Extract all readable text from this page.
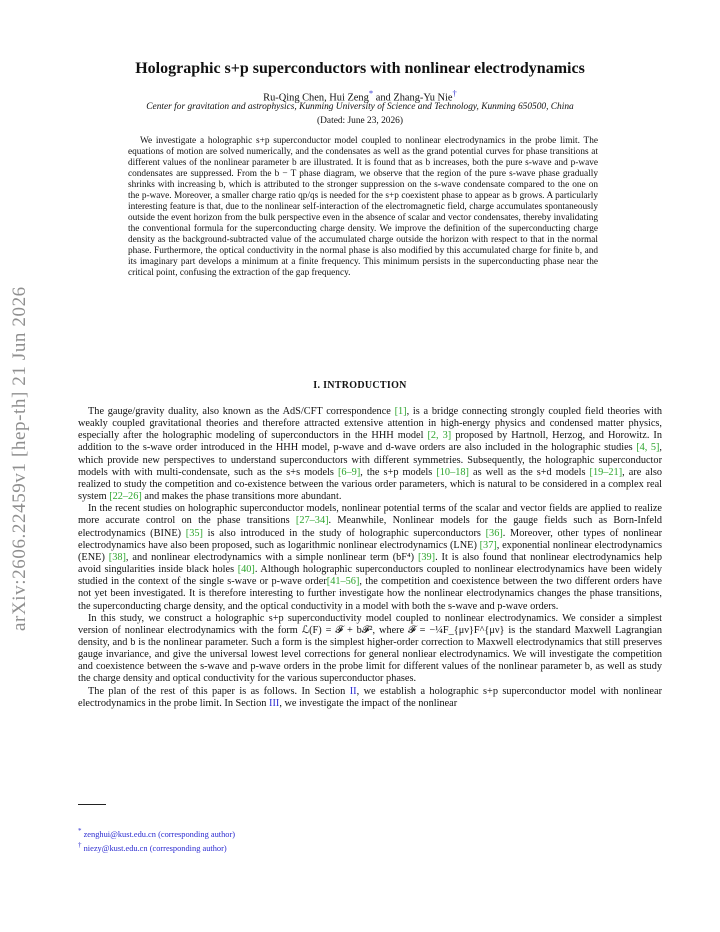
arXiv:2606.22459v1 [hep-th] 21 Jun 2026
Holographic s+p superconductors with nonlinear electrodynamics
Ru-Qing Chen, Hui Zeng* and Zhang-Yu Nie†
Center for gravitation and astrophysics, Kunming University of Science and Technology, Kunming 650500, China
(Dated: June 23, 2026)
We investigate a holographic s+p superconductor model coupled to nonlinear electrodynamics in the probe limit. The equations of motion are solved numerically, and the condensates as well as the grand potential curves for phase transitions at different values of the nonlinear parameter b are illustrated. It is found that as b increases, both the pure s-wave and p-wave condensates are suppressed. From the b − T phase diagram, we observe that the region of the pure s-wave phase gradually shrinks with increasing b, which is attributed to the stronger suppression on the s-wave condensate compared to the one on the p-wave. Moreover, a smaller charge ratio qp/qs is needed for the s+p coexistent phase to appear as b grows. A particularly interesting feature is that, due to the nonlinear self-interaction of the electromagnetic field, charge accumulates spontaneously outside the event horizon from the bulk perspective even in the absence of scalar and vector condensates, thereby invalidating the conventional formula for the superconducting charge density. We improve the definition of the superconducting charge density as the background-subtracted value of the accumulated charge outside the horizon with respect to that in the normal phase. Furthermore, the optical conductivity in the normal phase is also modified by this accumulated charge for finite b, and its imaginary part develops a minimum at a finite frequency. This minimum persists in the superconducting phase near the critical point, confusing the extraction of the gap frequency.
I. INTRODUCTION

The gauge/gravity duality, also known as the AdS/CFT correspondence [1], is a bridge connecting strongly coupled field theories with weakly coupled gravitational theories and therefore attracted extensive attention in high-energy physics and condensed matter physics, especially after the holographic modeling of superconductors in the HHH model [2, 3] proposed by Hartnoll, Herzog, and Horowitz. In addition to the s-wave order introduced in the HHH model, p-wave and d-wave orders are also included in the holographic studies [4, 5], which provide new perspectives to understand superconductors with different symmetries. Subsequently, the holographic superconductor models with with multi-condensate, such as the s+s models [6–9], the s+p models [10–18] as well as the s+d models [19–21], are also realized to study the competition and co-existence between the various order parameters, which is natural to be considered in a complex real system [22–26] and makes the phase transitions more abundant.

In the recent studies on holographic superconductor models, nonlinear potential terms of the scalar and vector fields are applied to realize more accurate control on the phase transitions [27–34]. Meanwhile, Nonlinear models for the gauge fields such as Born-Infeld electrodynamics (BINE) [35] is also introduced in the study of holographic superconductors [36]. Moreover, other types of nonlinear electrodynamics have also been proposed, such as logarithmic nonlinear electrodynamics (LNE) [37], exponential nonlinear electrodynamics (ENE) [38], and nonlinear electrodynamics with a simple nonlinear term (bF⁴) [39]. It is also found that nonlinear electrodynamics help avoid singularities inside black holes [40]. Although holographic superconductors coupled to nonlinear electrodynamics have been widely studied in the context of the single s-wave or p-wave order[41–56], the competition and coexistence between the two different orders have not yet been investigated. It is therefore interesting to further investigate how the nonlinear electrodynamics changes the phase transitions, the superconducting charge density, and the optical conductivity in a model with both the s-wave and p-wave orders.

In this study, we construct a holographic s+p superconductivity model coupled to nonlinear electrodynamics. We consider a simplest version of nonlinear electrodynamics with the form ℒ(F) = 𝓕 + b𝓕², where 𝓕 = −¼F_{μν}F^{μν} is the standard Maxwell Lagrangian density, and b is the nonlinear parameter. Such a form is the simplest higher-order correction to Maxwell electrodynamics that still preserves gauge invariance, and give the universal lowest level corrections for general nonliear electrodynamics. We will investigate the competition and coexistence between the s-wave and p-wave orders in the probe limit for different values of the nonlinear parameter b, as well as study the charge density and optical conductivity for the various superconductor phases.

The plan of the rest of this paper is as follows. In Section II, we establish a holographic s+p superconductor model with nonlinear electrodynamics in the probe limit. In Section III, we investigate the impact of the nonlinear

* zenghui@kust.edu.cn (corresponding author)
† niezy@kust.edu.cn (corresponding author)
